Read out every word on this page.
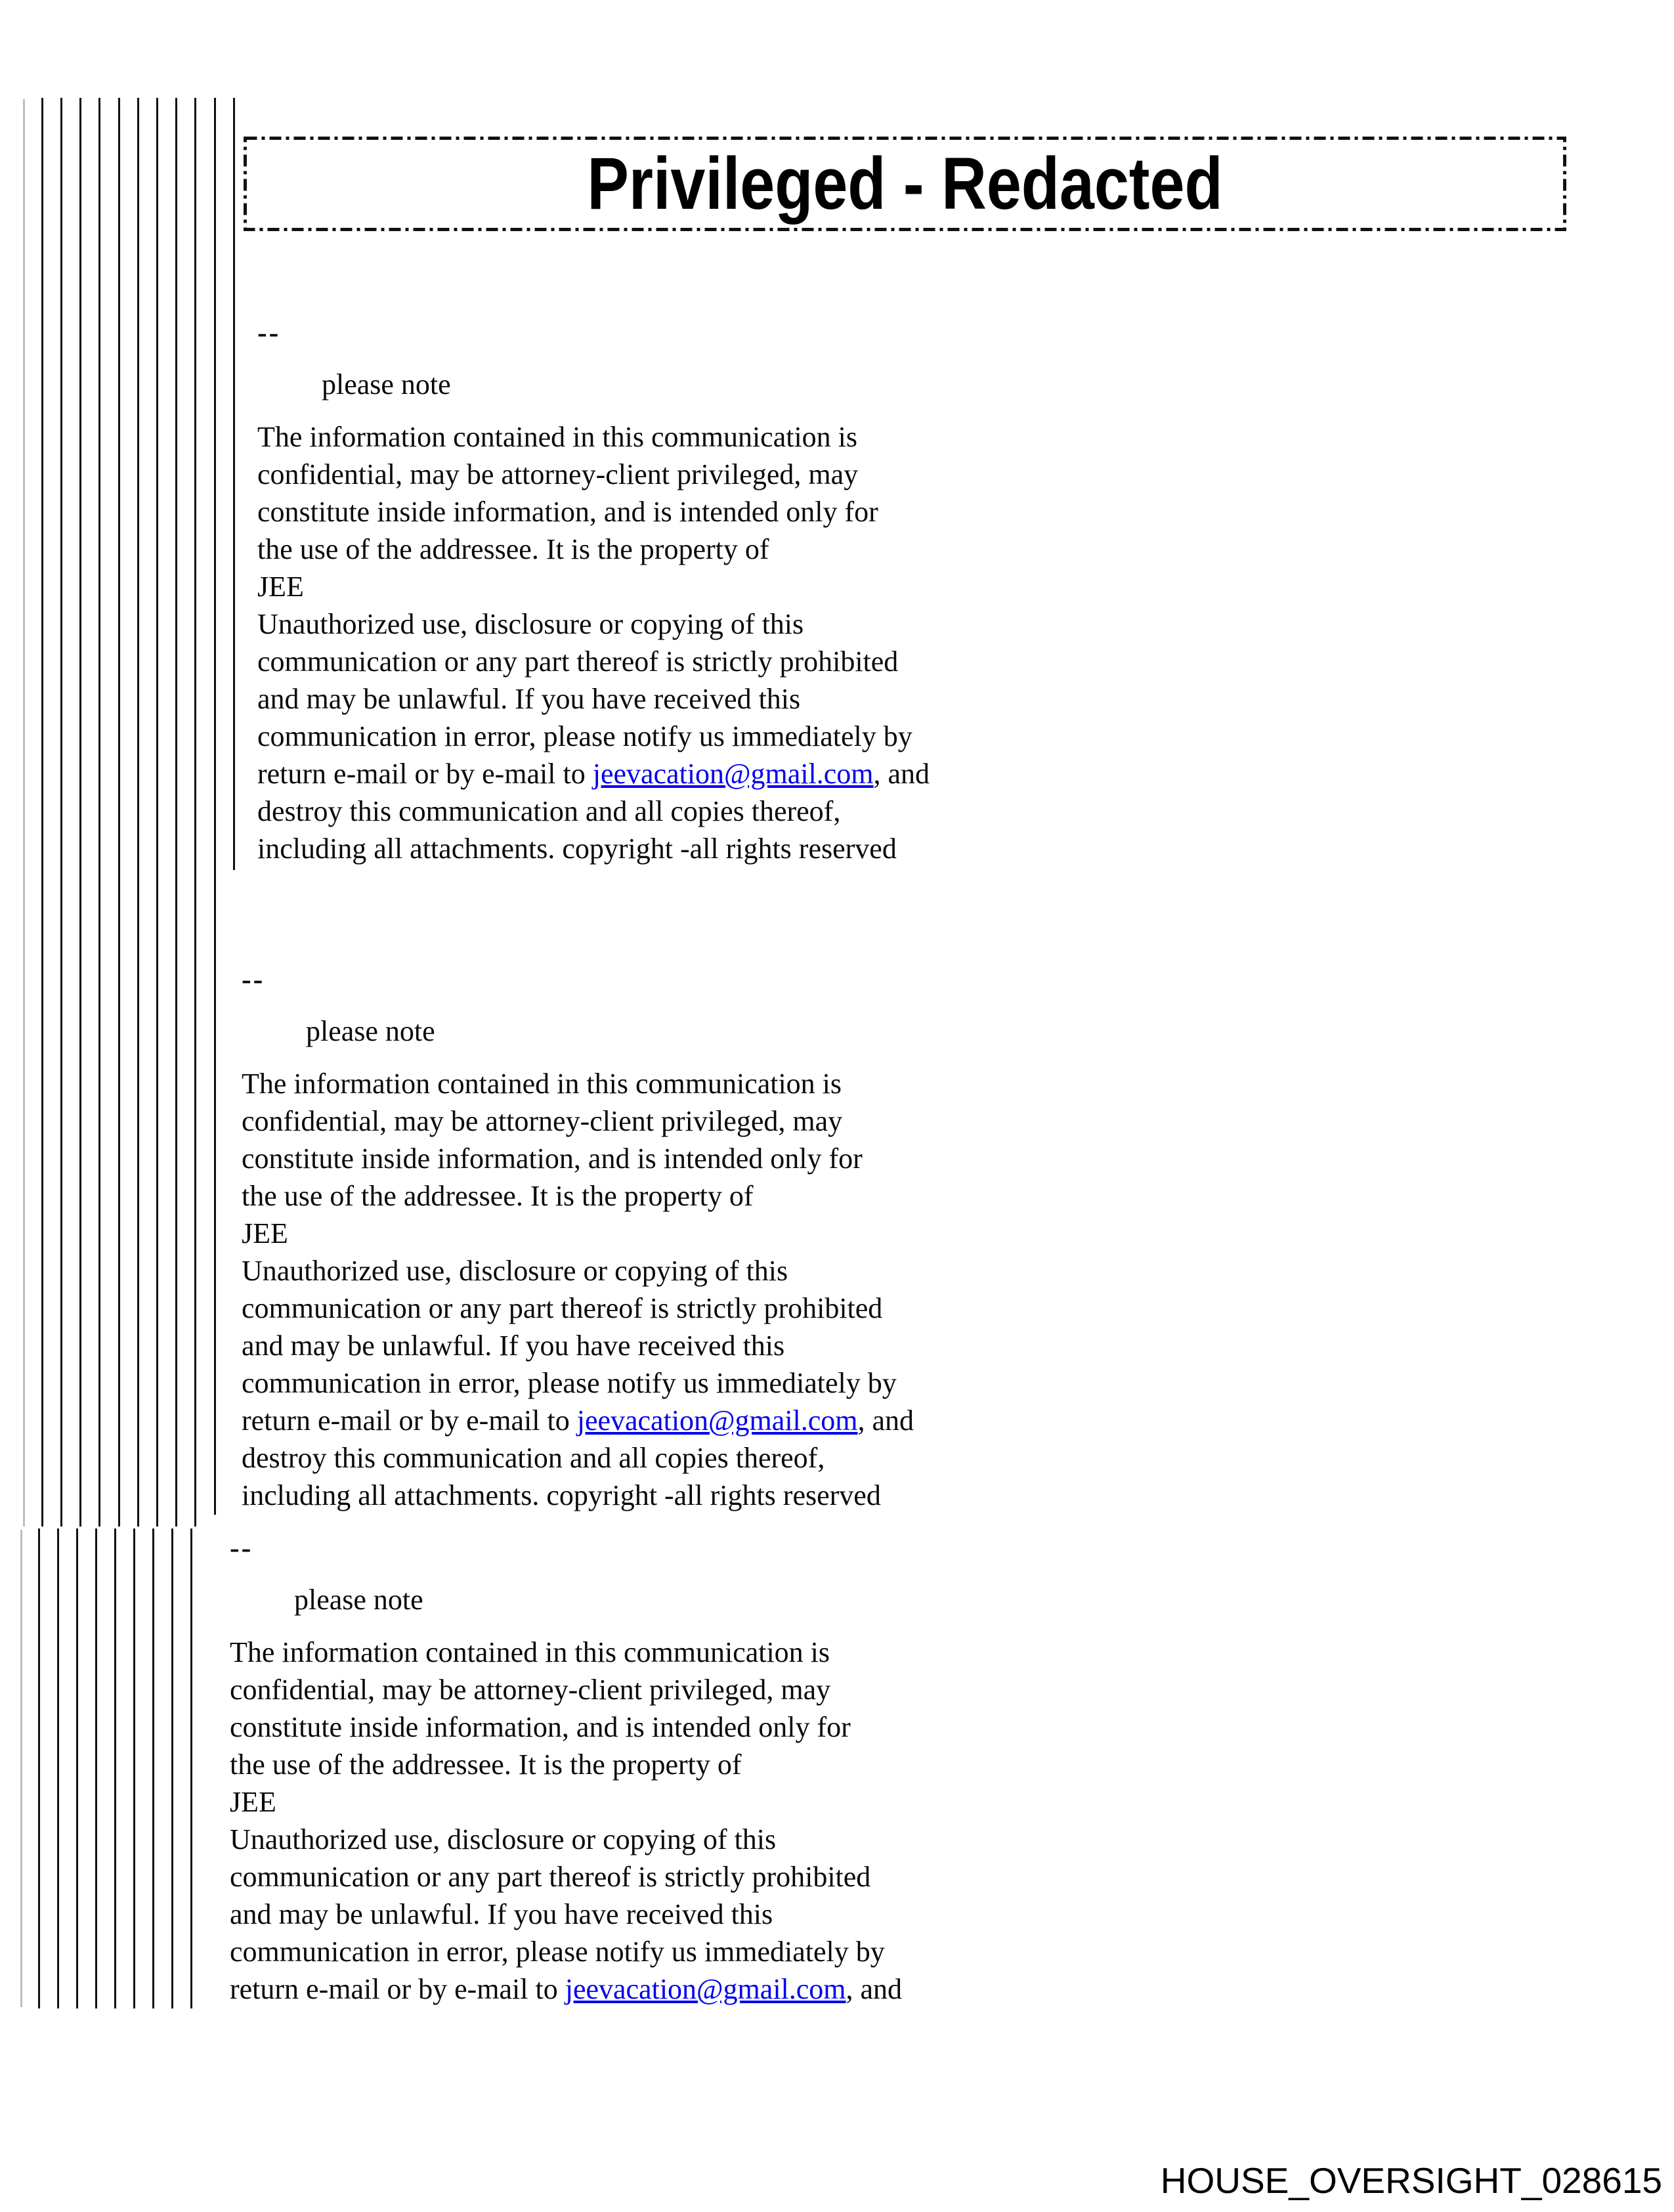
Privileged - Redacted
--
please note
The information contained in this communication is
confidential, may be attorney-client privileged, may
constitute inside information, and is intended only for
the use of the addressee. It is the property of
JEE
Unauthorized use, disclosure or copying of this
communication or any part thereof is strictly prohibited
and may be unlawful. If you have received this
communication in error, please notify us immediately by
return e-mail or by e-mail to jeevacation@gmail.com, and
destroy this communication and all copies thereof,
including all attachments. copyright -all rights reserved
--
please note
The information contained in this communication is
confidential, may be attorney-client privileged, may
constitute inside information, and is intended only for
the use of the addressee. It is the property of
JEE
Unauthorized use, disclosure or copying of this
communication or any part thereof is strictly prohibited
and may be unlawful. If you have received this
communication in error, please notify us immediately by
return e-mail or by e-mail to jeevacation@gmail.com, and
destroy this communication and all copies thereof,
including all attachments. copyright -all rights reserved
--
please note
The information contained in this communication is
confidential, may be attorney-client privileged, may
constitute inside information, and is intended only for
the use of the addressee. It is the property of
JEE
Unauthorized use, disclosure or copying of this
communication or any part thereof is strictly prohibited
and may be unlawful. If you have received this
communication in error, please notify us immediately by
return e-mail or by e-mail to jeevacation@gmail.com, and
HOUSE_OVERSIGHT_028615
